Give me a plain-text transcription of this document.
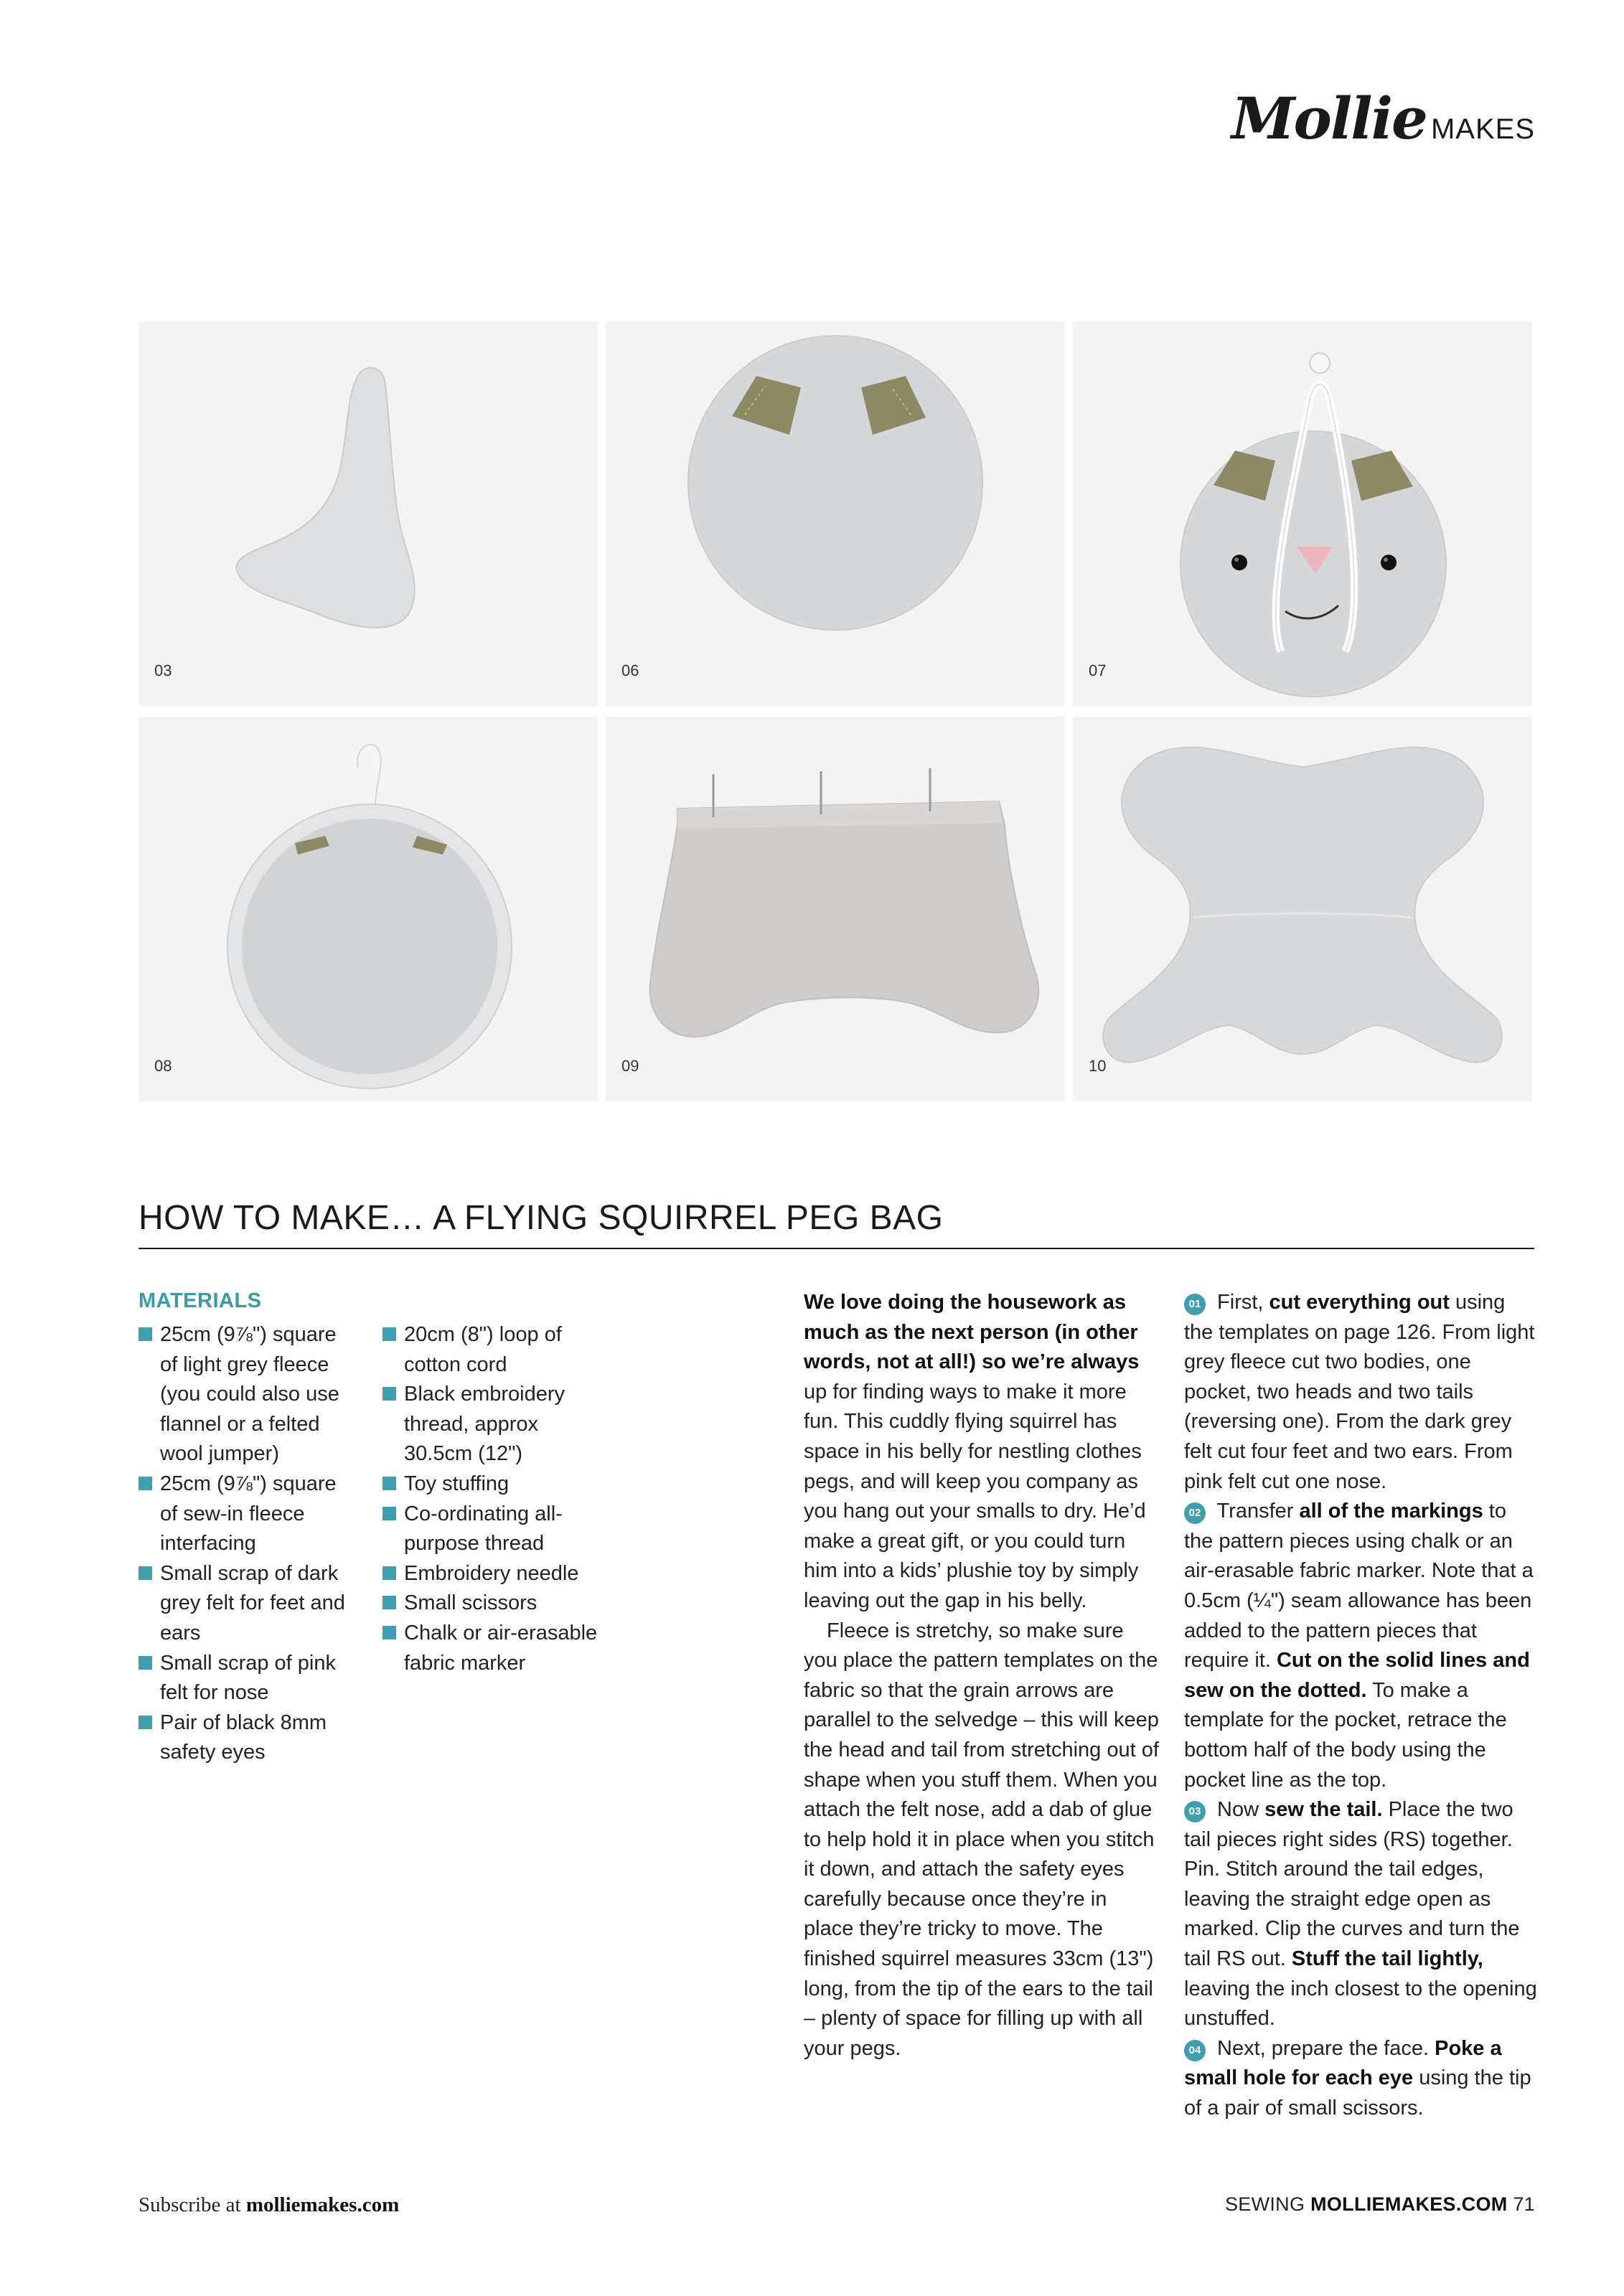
Mollie MAKES
03	06	07
08	09	10
HOW TO MAKE… A FLYING SQUIRREL PEG BAG
MATERIALS
25cm (9⅞") square of light grey fleece (you could also use flannel or a felted wool jumper)
25cm (9⅞") square of sew-in fleece interfacing
Small scrap of dark grey felt for feet and ears
Small scrap of pink felt for nose
Pair of black 8mm safety eyes
20cm (8") loop of cotton cord
Black embroidery thread, approx 30.5cm (12")
Toy stuffing
Co-ordinating all-purpose thread
Embroidery needle
Small scissors
Chalk or air-erasable fabric marker

We love doing the housework as much as the next person (in other words, not at all!) so we’re always up for finding ways to make it more fun. This cuddly flying squirrel has space in his belly for nestling clothes pegs, and will keep you company as you hang out your smalls to dry. He’d make a great gift, or you could turn him into a kids’ plushie toy by simply leaving out the gap in his belly.

Fleece is stretchy, so make sure you place the pattern templates on the fabric so that the grain arrows are parallel to the selvedge – this will keep the head and tail from stretching out of shape when you stuff them. When you attach the felt nose, add a dab of glue to help hold it in place when you stitch it down, and attach the safety eyes carefully because once they’re in place they’re tricky to move. The finished squirrel measures 33cm (13") long, from the tip of the ears to the tail – plenty of space for filling up with all your pegs.

01 First, cut everything out using the templates on page 126. From light grey fleece cut two bodies, one pocket, two heads and two tails (reversing one). From the dark grey felt cut four feet and two ears. From pink felt cut one nose.

02 Transfer all of the markings to the pattern pieces using chalk or an air-erasable fabric marker. Note that a 0.5cm (¼") seam allowance has been added to the pattern pieces that require it. Cut on the solid lines and sew on the dotted. To make a template for the pocket, retrace the bottom half of the body using the pocket line as the top.

03 Now sew the tail. Place the two tail pieces right sides (RS) together. Pin. Stitch around the tail edges, leaving the straight edge open as marked. Clip the curves and turn the tail RS out. Stuff the tail lightly, leaving the inch closest to the opening unstuffed.

04 Next, prepare the face. Poke a small hole for each eye using the tip of a pair of small scissors.

Subscribe at molliemakes.com	SEWING MOLLIEMAKES.COM 71
